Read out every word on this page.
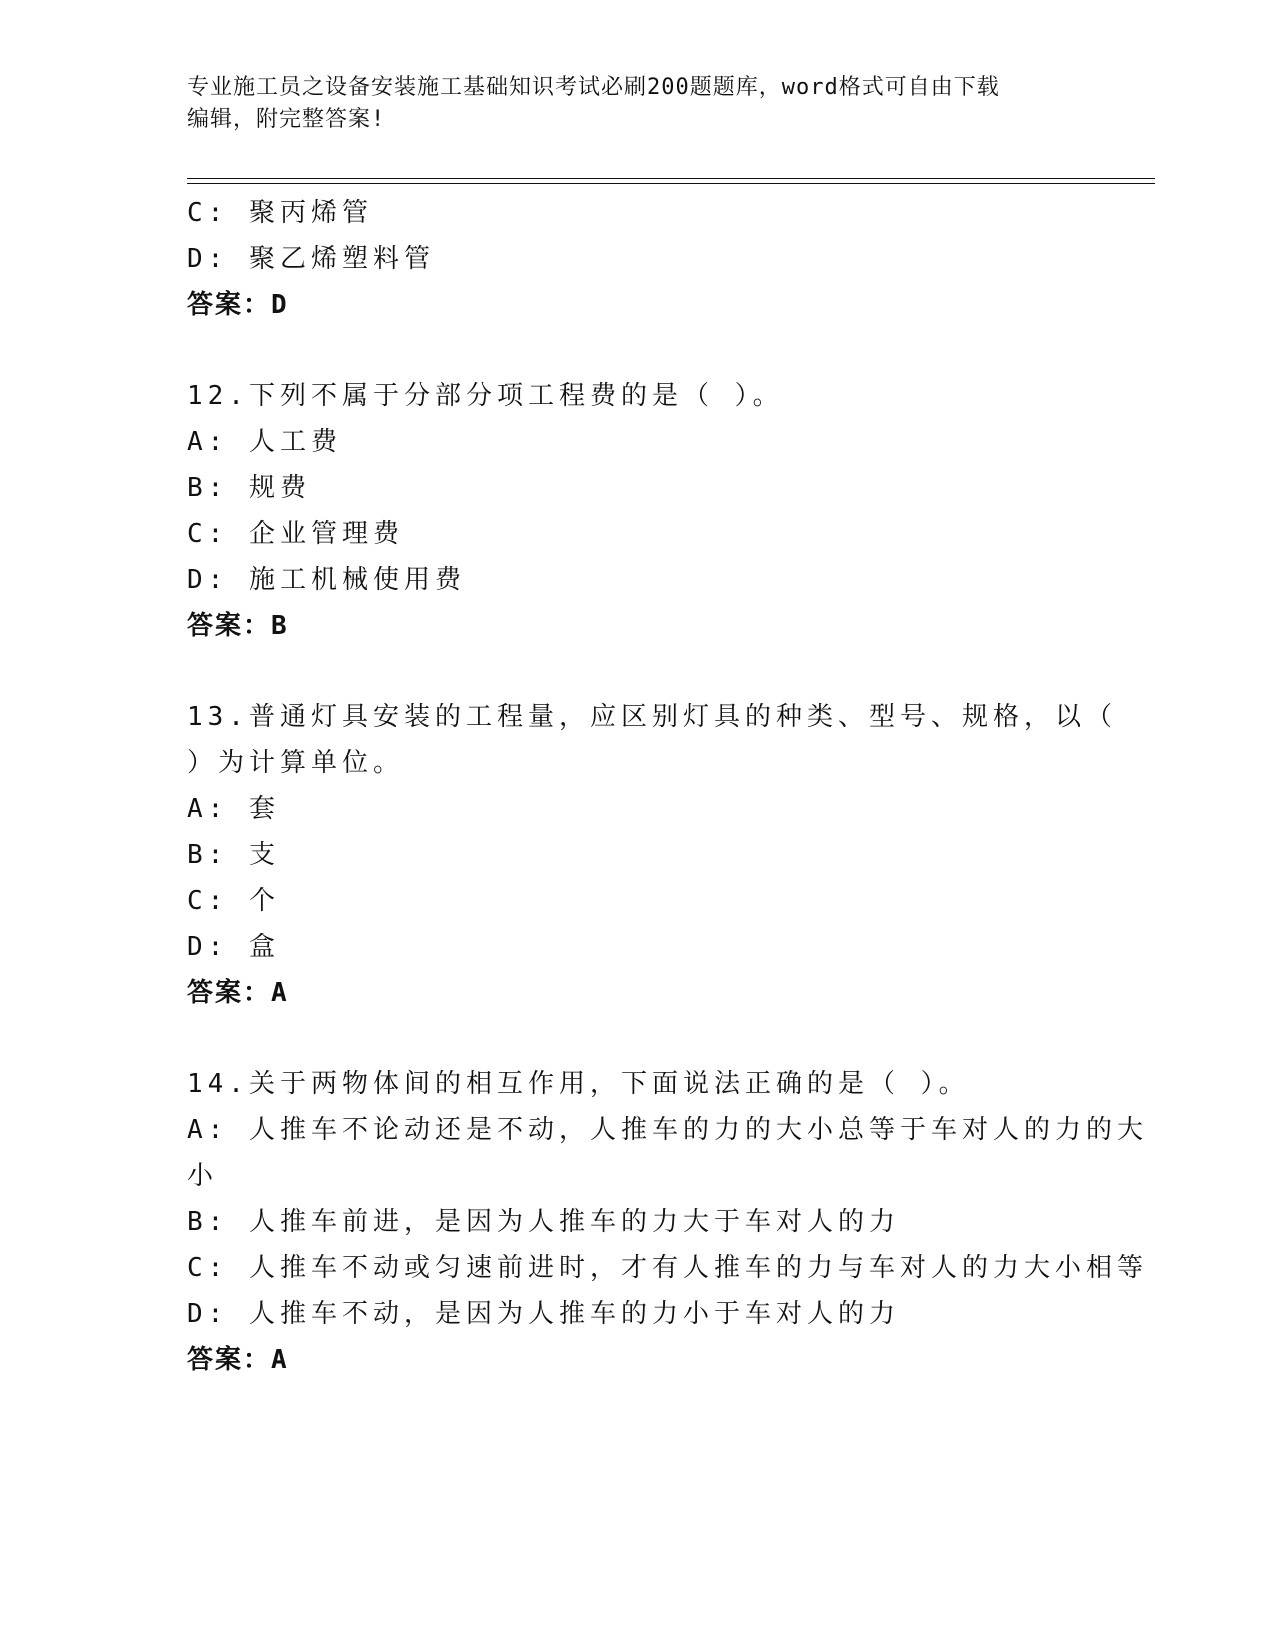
专业施工员之设备安装施工基础知识考试必刷200题题库，word格式可自由下载
编辑，附完整答案!
C: 聚丙烯管
D: 聚乙烯塑料管
答案：D
12.下列不属于分部分项工程费的是（ ）。
A: 人工费
B: 规费
C: 企业管理费
D: 施工机械使用费
答案：B
13.普通灯具安装的工程量，应区别灯具的种类、型号、规格，以（
）为计算单位。
A: 套
B: 支
C: 个
D: 盒
答案：A
14.关于两物体间的相互作用，下面说法正确的是（ ）。
A: 人推车不论动还是不动，人推车的力的大小总等于车对人的力的大
小
B: 人推车前进，是因为人推车的力大于车对人的力
C: 人推车不动或匀速前进时，才有人推车的力与车对人的力大小相等
D: 人推车不动，是因为人推车的力小于车对人的力
答案：A
